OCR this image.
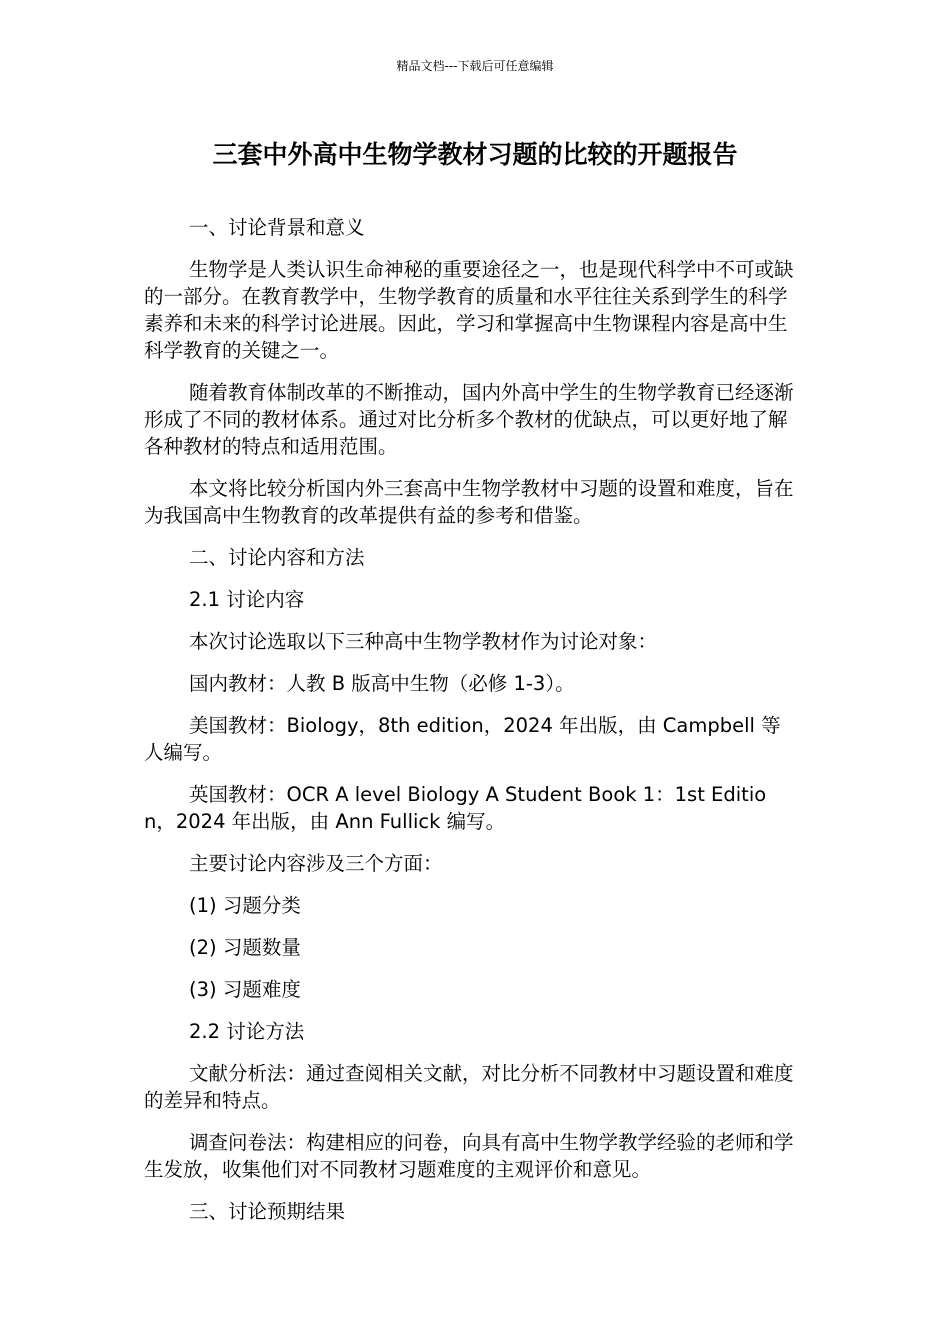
精品文档---下载后可任意编辑
三套中外高中生物学教材习题的比较的开题报告

一、讨论背景和意义

生物学是人类认识生命神秘的重要途径之一，也是现代科学中不可或缺的一部分。在教育教学中，生物学教育的质量和水平往往关系到学生的科学素养和未来的科学讨论进展。因此，学习和掌握高中生物课程内容是高中生科学教育的关键之一。

随着教育体制改革的不断推动，国内外高中学生的生物学教育已经逐渐形成了不同的教材体系。通过对比分析多个教材的优缺点，可以更好地了解各种教材的特点和适用范围。

本文将比较分析国内外三套高中生物学教材中习题的设置和难度，旨在为我国高中生物教育的改革提供有益的参考和借鉴。

二、讨论内容和方法

2.1 讨论内容

本次讨论选取以下三种高中生物学教材作为讨论对象：

国内教材：人教 B 版高中生物（必修 1-3）。

美国教材：Biology，8th edition，2024 年出版，由 Campbell 等人编写。

英国教材：OCR A level Biology A Student Book 1：1st Edition，2024 年出版，由 Ann Fullick 编写。

主要讨论内容涉及三个方面：

(1) 习题分类

(2) 习题数量

(3) 习题难度

2.2 讨论方法

文献分析法：通过查阅相关文献，对比分析不同教材中习题设置和难度的差异和特点。

调查问卷法：构建相应的问卷，向具有高中生物学教学经验的老师和学生发放，收集他们对不同教材习题难度的主观评价和意见。

三、讨论预期结果
